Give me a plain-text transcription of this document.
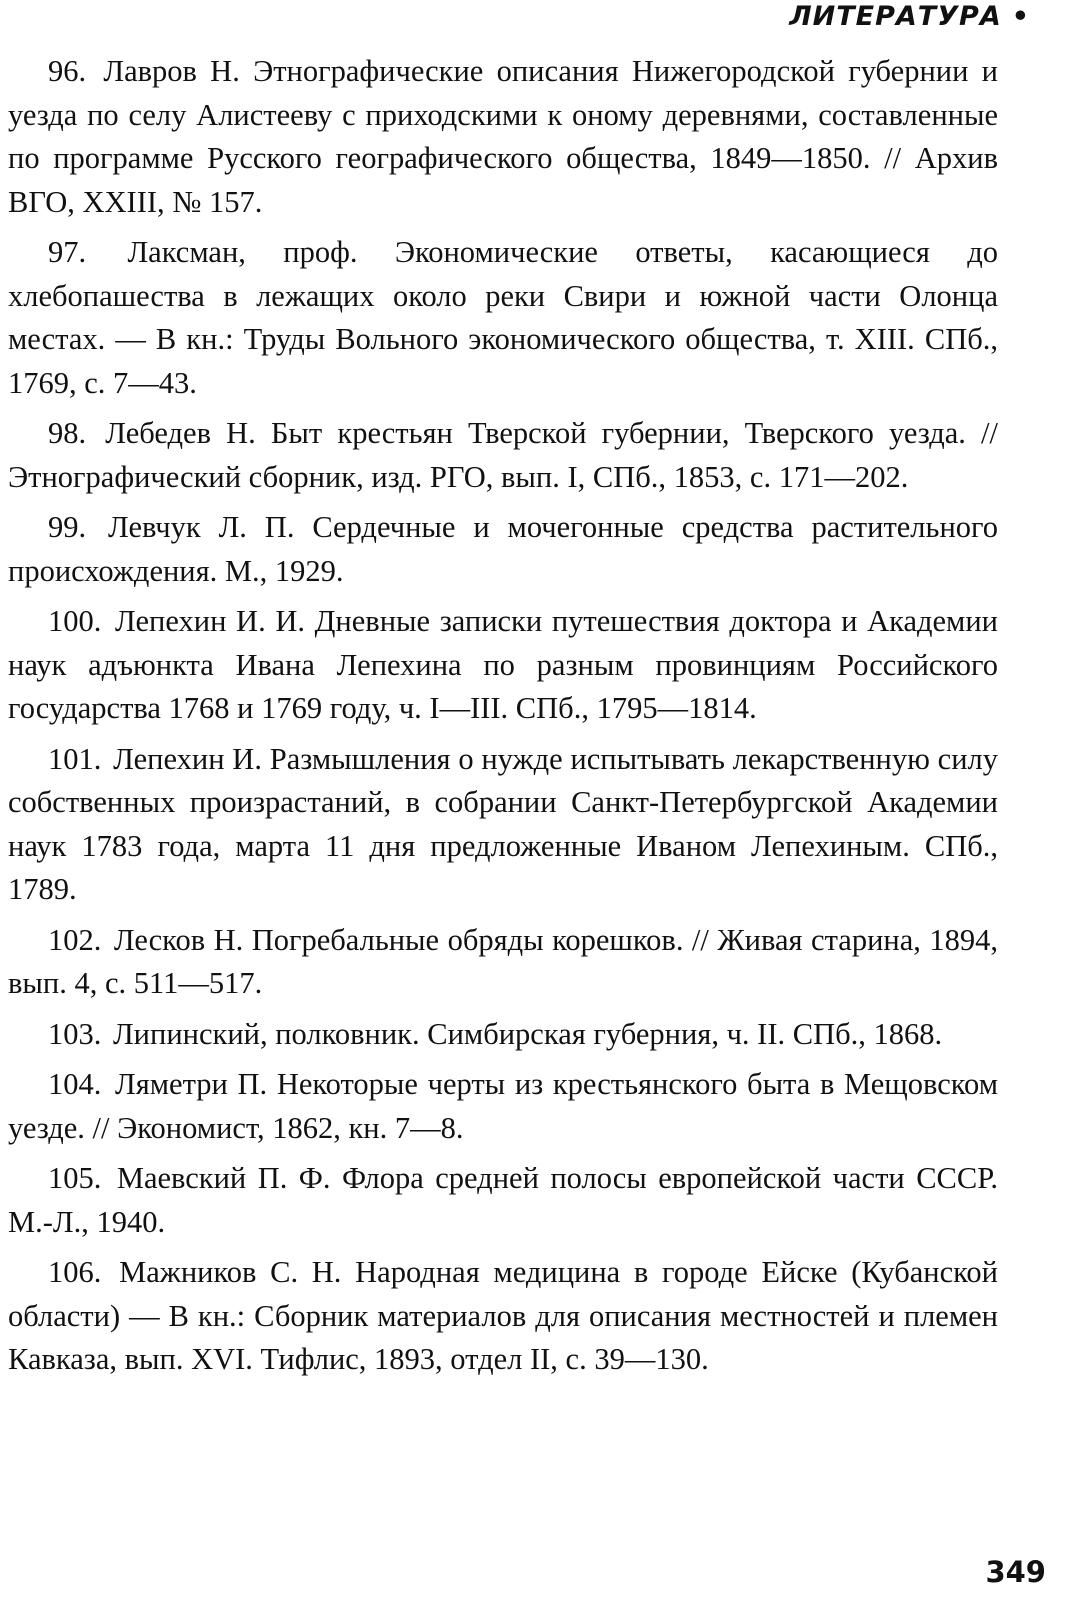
ЛИТЕРАТУРА •

96. Лавров Н. Этнографические описания Нижегородской губернии и уезда по селу Алистееву с приходскими к оному деревнями, составленные по программе Русского географического общества, 1849—1850. // Архив ВГО, XXIII, № 157.

97. Лаксман, проф. Экономические ответы, касающиеся до хлебопашества в лежащих около реки Свири и южной части Олонца местах. — В кн.: Труды Вольного экономического общества, т. XIII. СПб., 1769, с. 7—43.

98. Лебедев Н. Быт крестьян Тверской губернии, Тверского уезда. // Этнографический сборник, изд. РГО, вып. I, СПб., 1853, с. 171—202.

99. Левчук Л. П. Сердечные и мочегонные средства растительного происхождения. М., 1929.

100. Лепехин И. И. Дневные записки путешествия доктора и Академии наук адъюнкта Ивана Лепехина по разным провинциям Российского государства 1768 и 1769 году, ч. I—III. СПб., 1795—1814.

101. Лепехин И. Размышления о нужде испытывать лекарственную силу собственных произрастаний, в собрании Санкт-Петербургской Академии наук 1783 года, марта 11 дня предложенные Иваном Лепехиным. СПб., 1789.

102. Лесков Н. Погребальные обряды корешков. // Живая старина, 1894, вып. 4, с. 511—517.

103. Липинский, полковник. Симбирская губерния, ч. II. СПб., 1868.

104. Ляметри П. Некоторые черты из крестьянского быта в Мещовском уезде. // Экономист, 1862, кн. 7—8.

105. Маевский П. Ф. Флора средней полосы европейской части СССР. М.-Л., 1940.

106. Мажников С. Н. Народная медицина в городе Ейске (Кубанской области) — В кн.: Сборник материалов для описания местностей и племен Кавказа, вып. XVI. Тифлис, 1893, отдел II, с. 39—130.

349
